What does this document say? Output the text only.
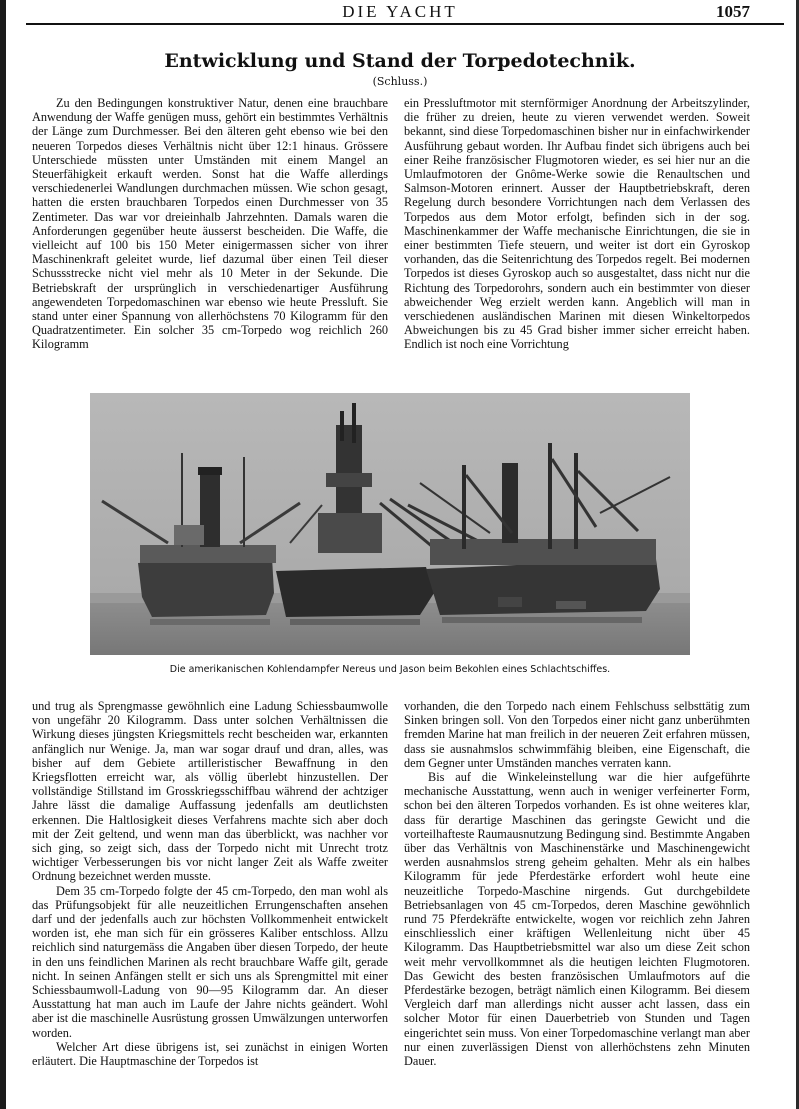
DIE YACHT	1057
Entwicklung und Stand der Torpedotechnik.
(Schluss.)

Zu den Bedingungen konstruktiver Natur, denen eine brauchbare Anwendung der Waffe genügen muss, gehört ein bestimmtes Verhältnis der Länge zum Durchmesser. Bei den älteren geht ebenso wie bei den neueren Torpedos dieses Verhältnis nicht über 12:1 hinaus. Grössere Unterschiede müssten unter Umständen mit einem Mangel an Steuerfähigkeit erkauft werden. Sonst hat die Waffe allerdings verschiedenerlei Wandlungen durchmachen müssen. Wie schon gesagt, hatten die ersten brauchbaren Torpedos einen Durchmesser von 35 Zentimeter. Das war vor dreieinhalb Jahrzehnten. Damals waren die Anforderungen gegenüber heute äusserst bescheiden. Die Waffe, die vielleicht auf 100 bis 150 Meter einigermassen sicher von ihrer Maschinenkraft geleitet wurde, lief dazumal über einen Teil dieser Schussstrecke nicht viel mehr als 10 Meter in der Sekunde. Die Betriebskraft der ursprünglich in verschiedenartiger Ausführung angewendeten Torpedomaschinen war ebenso wie heute Pressluft. Sie stand unter einer Spannung von allerhöchstens 70 Kilogramm für den Quadratzentimeter. Ein solcher 35 cm-Torpedo wog reichlich 260 Kilogramm

ein Pressluftmotor mit sternförmiger Anordnung der Arbeitszylinder, die früher zu dreien, heute zu vieren verwendet werden. Soweit bekannt, sind diese Torpedomaschinen bisher nur in einfachwirkender Ausführung gebaut worden. Ihr Aufbau findet sich übrigens auch bei einer Reihe französischer Flugmotoren wieder, es sei hier nur an die Umlaufmotoren der Gnôme-Werke sowie die Renaultschen und Salmson-Motoren erinnert. Ausser der Hauptbetriebskraft, deren Regelung durch besondere Vorrichtungen nach dem Verlassen des Torpedos aus dem Motor erfolgt, befinden sich in der sog. Maschinenkammer der Waffe mechanische Einrichtungen, die sie in einer bestimmten Tiefe steuern, und weiter ist dort ein Gyroskop vorhanden, das die Seitenrichtung des Torpedos regelt. Bei modernen Torpedos ist dieses Gyroskop auch so ausgestaltet, dass nicht nur die Richtung des Torpedorohrs, sondern auch ein bestimmter von dieser abweichender Weg erzielt werden kann. Angeblich will man in verschiedenen ausländischen Marinen mit diesen Winkeltorpedos Abweichungen bis zu 45 Grad bisher immer sicher erreicht haben. Endlich ist noch eine Vorrichtung

Die amerikanischen Kohlendampfer Nereus und Jason beim Bekohlen eines Schlachtschiffes.

und trug als Sprengmasse gewöhnlich eine Ladung Schiessbaumwolle von ungefähr 20 Kilogramm. Dass unter solchen Verhältnissen die Wirkung dieses jüngsten Kriegsmittels recht bescheiden war, erkannten anfänglich nur Wenige. Ja, man war sogar drauf und dran, alles, was bisher auf dem Gebiete artilleristischer Bewaffnung in den Kriegsflotten erreicht war, als völlig überlebt hinzustellen. Der vollständige Stillstand im Grosskriegsschiffbau während der achtziger Jahre lässt die damalige Auffassung jedenfalls am deutlichsten erkennen. Die Haltlosigkeit dieses Verfahrens machte sich aber doch mit der Zeit geltend, und wenn man das überblickt, was nachher vor sich ging, so zeigt sich, dass der Torpedo nicht mit Unrecht trotz wichtiger Verbesserungen bis vor nicht langer Zeit als Waffe zweiter Ordnung bezeichnet werden musste.

Dem 35 cm-Torpedo folgte der 45 cm-Torpedo, den man wohl als das Prüfungsobjekt für alle neuzeitlichen Errungenschaften ansehen darf und der jedenfalls auch zur höchsten Vollkommenheit entwickelt worden ist, ehe man sich für ein grösseres Kaliber entschloss. Allzu reichlich sind naturgemäss die Angaben über diesen Torpedo, der heute in den uns feindlichen Marinen als recht brauchbare Waffe gilt, gerade nicht. In seinen Anfängen stellt er sich uns als Sprengmittel mit einer Schiessbaumwoll-Ladung von 90—95 Kilogramm dar. An dieser Ausstattung hat man auch im Laufe der Jahre nichts geändert. Wohl aber ist die maschinelle Ausrüstung grossen Umwälzungen unterworfen worden.

Welcher Art diese übrigens ist, sei zunächst in einigen Worten erläutert. Die Hauptmaschine der Torpedos ist

vorhanden, die den Torpedo nach einem Fehlschuss selbsttätig zum Sinken bringen soll. Von den Torpedos einer nicht ganz unberühmten fremden Marine hat man freilich in der neueren Zeit erfahren müssen, dass sie ausnahmslos schwimmfähig bleiben, eine Eigenschaft, die dem Gegner unter Umständen manches verraten kann.

Bis auf die Winkeleinstellung war die hier aufgeführte mechanische Ausstattung, wenn auch in weniger verfeinerter Form, schon bei den älteren Torpedos vorhanden. Es ist ohne weiteres klar, dass für derartige Maschinen das geringste Gewicht und die vorteilhafteste Raumausnutzung Bedingung sind. Bestimmte Angaben über das Verhältnis von Maschinenstärke und Maschinengewicht werden ausnahmslos streng geheim gehalten. Mehr als ein halbes Kilogramm für jede Pferdestärke erfordert wohl heute eine neuzeitliche Torpedo-Maschine nirgends. Gut durchgebildete Betriebsanlagen von 45 cm-Torpedos, deren Maschine gewöhnlich rund 75 Pferdekräfte entwickelte, wogen vor reichlich zehn Jahren einschliesslich einer kräftigen Wellenleitung nicht über 45 Kilogramm. Das Hauptbetriebsmittel war also um diese Zeit schon weit mehr vervollkommnet als die heutigen leichten Flugmotoren. Das Gewicht des besten französischen Umlaufmotors auf die Pferdestärke bezogen, beträgt nämlich einen Kilogramm. Bei diesem Vergleich darf man allerdings nicht ausser acht lassen, dass ein solcher Motor für einen Dauerbetrieb von Stunden und Tagen eingerichtet sein muss. Von einer Torpedomaschine verlangt man aber nur einen zuverlässigen Dienst von allerhöchstens zehn Minuten Dauer.
